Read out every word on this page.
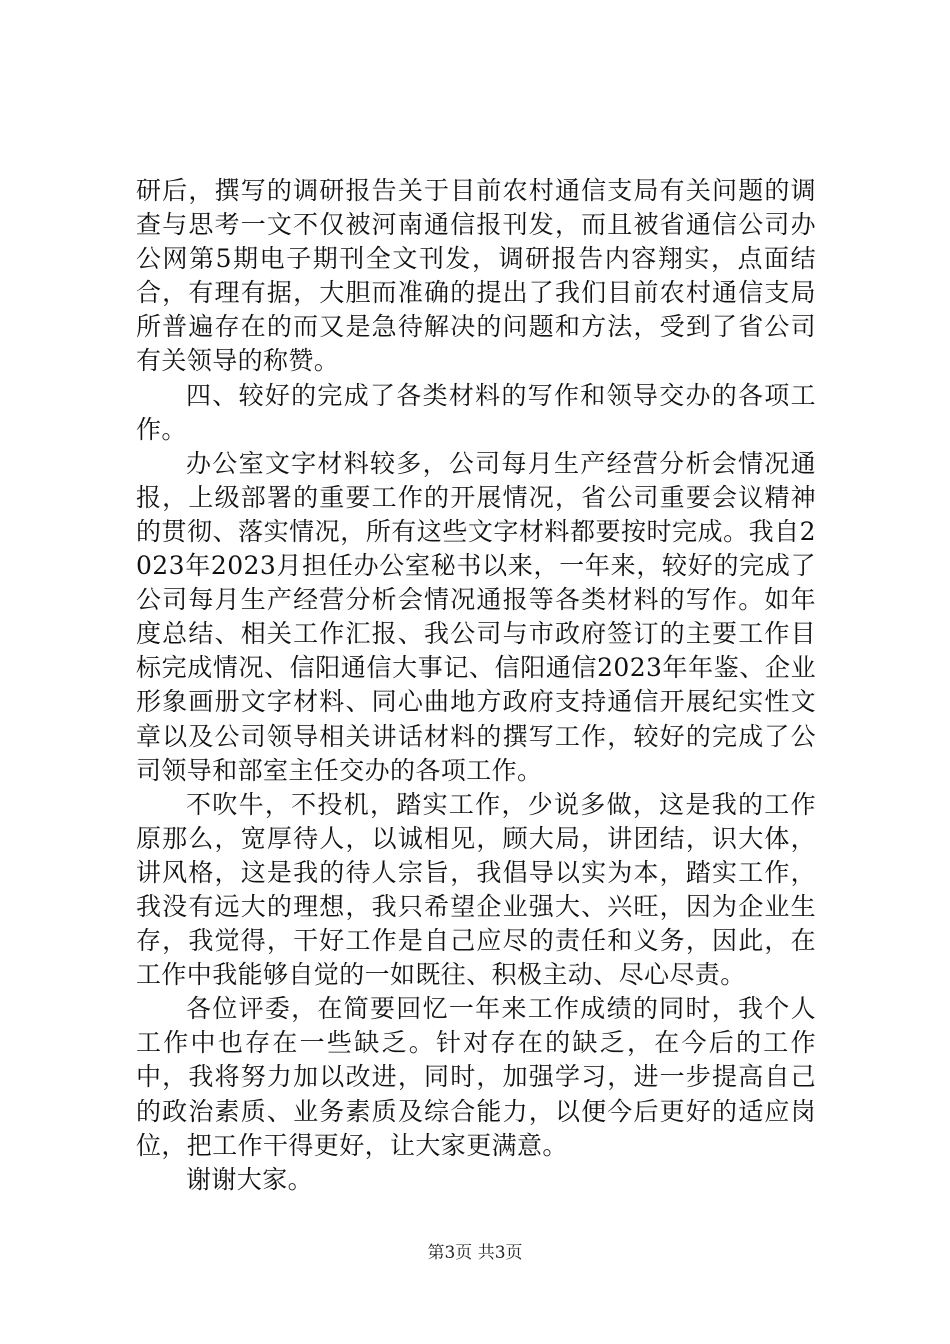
研后，撰写的调研报告关于目前农村通信支局有关问题的调查与思考一文不仅被河南通信报刊发，而且被省通信公司办公网第5期电子期刊全文刊发，调研报告内容翔实，点面结合，有理有据，大胆而准确的提出了我们目前农村通信支局所普遍存在的而又是急待解决的问题和方法，受到了省公司有关领导的称赞。

四、较好的完成了各类材料的写作和领导交办的各项工作。

办公室文字材料较多，公司每月生产经营分析会情况通报，上级部署的重要工作的开展情况，省公司重要会议精神的贯彻、落实情况，所有这些文字材料都要按时完成。我自2023年2023月担任办公室秘书以来，一年来，较好的完成了公司每月生产经营分析会情况通报等各类材料的写作。如年度总结、相关工作汇报、我公司与市政府签订的主要工作目标完成情况、信阳通信大事记、信阳通信2023年年鉴、企业形象画册文字材料、同心曲地方政府支持通信开展纪实性文章以及公司领导相关讲话材料的撰写工作，较好的完成了公司领导和部室主任交办的各项工作。

不吹牛，不投机，踏实工作，少说多做，这是我的工作原那么，宽厚待人，以诚相见，顾大局，讲团结，识大体，讲风格，这是我的待人宗旨，我倡导以实为本，踏实工作，我没有远大的理想，我只希望企业强大、兴旺，因为企业生存，我觉得，干好工作是自己应尽的责任和义务，因此，在工作中我能够自觉的一如既往、积极主动、尽心尽责。

各位评委，在简要回忆一年来工作成绩的同时，我个人工作中也存在一些缺乏。针对存在的缺乏，在今后的工作中，我将努力加以改进，同时，加强学习，进一步提高自己的政治素质、业务素质及综合能力，以便今后更好的适应岗位，把工作干得更好，让大家更满意。

谢谢大家。

第3页 共3页
